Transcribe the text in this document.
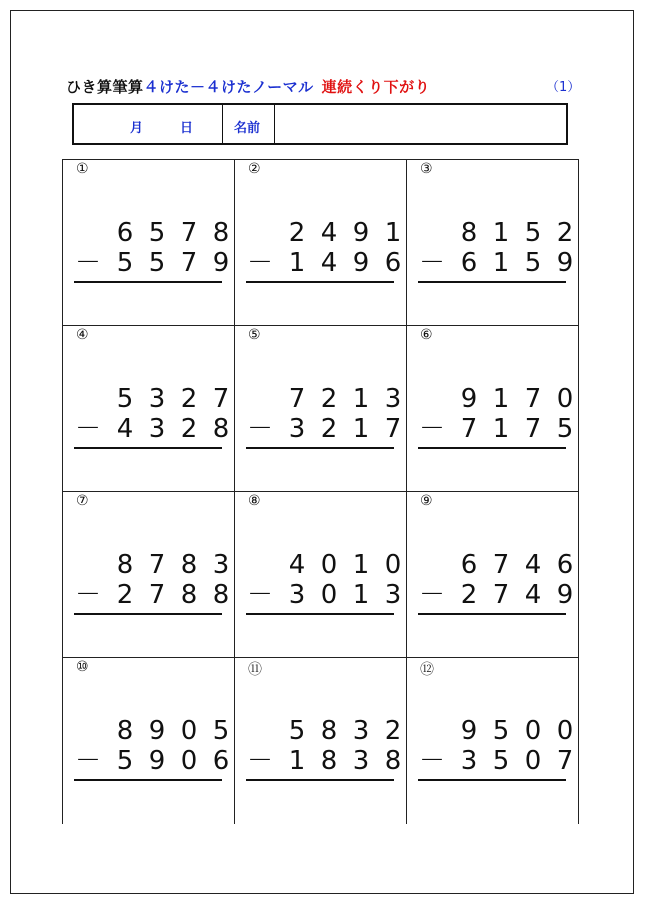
ひき算筆算４けた－４けたノーマル 連続くり下がり	（1）
月	日	名前
①
6 5 7 8
－ 5 5 7 9
②
2 4 9 1
－ 1 4 9 6
③
8 1 5 2
－ 6 1 5 9
④
5 3 2 7
－ 4 3 2 8
⑤
7 2 1 3
－ 3 2 1 7
⑥
9 1 7 0
－ 7 1 7 5
⑦
8 7 8 3
－ 2 7 8 8
⑧
4 0 1 0
－ 3 0 1 3
⑨
6 7 4 6
－ 2 7 4 9
⑩
8 9 0 5
－ 5 9 0 6
⑪
5 8 3 2
－ 1 8 3 8
⑫
9 5 0 0
－ 3 5 0 7
